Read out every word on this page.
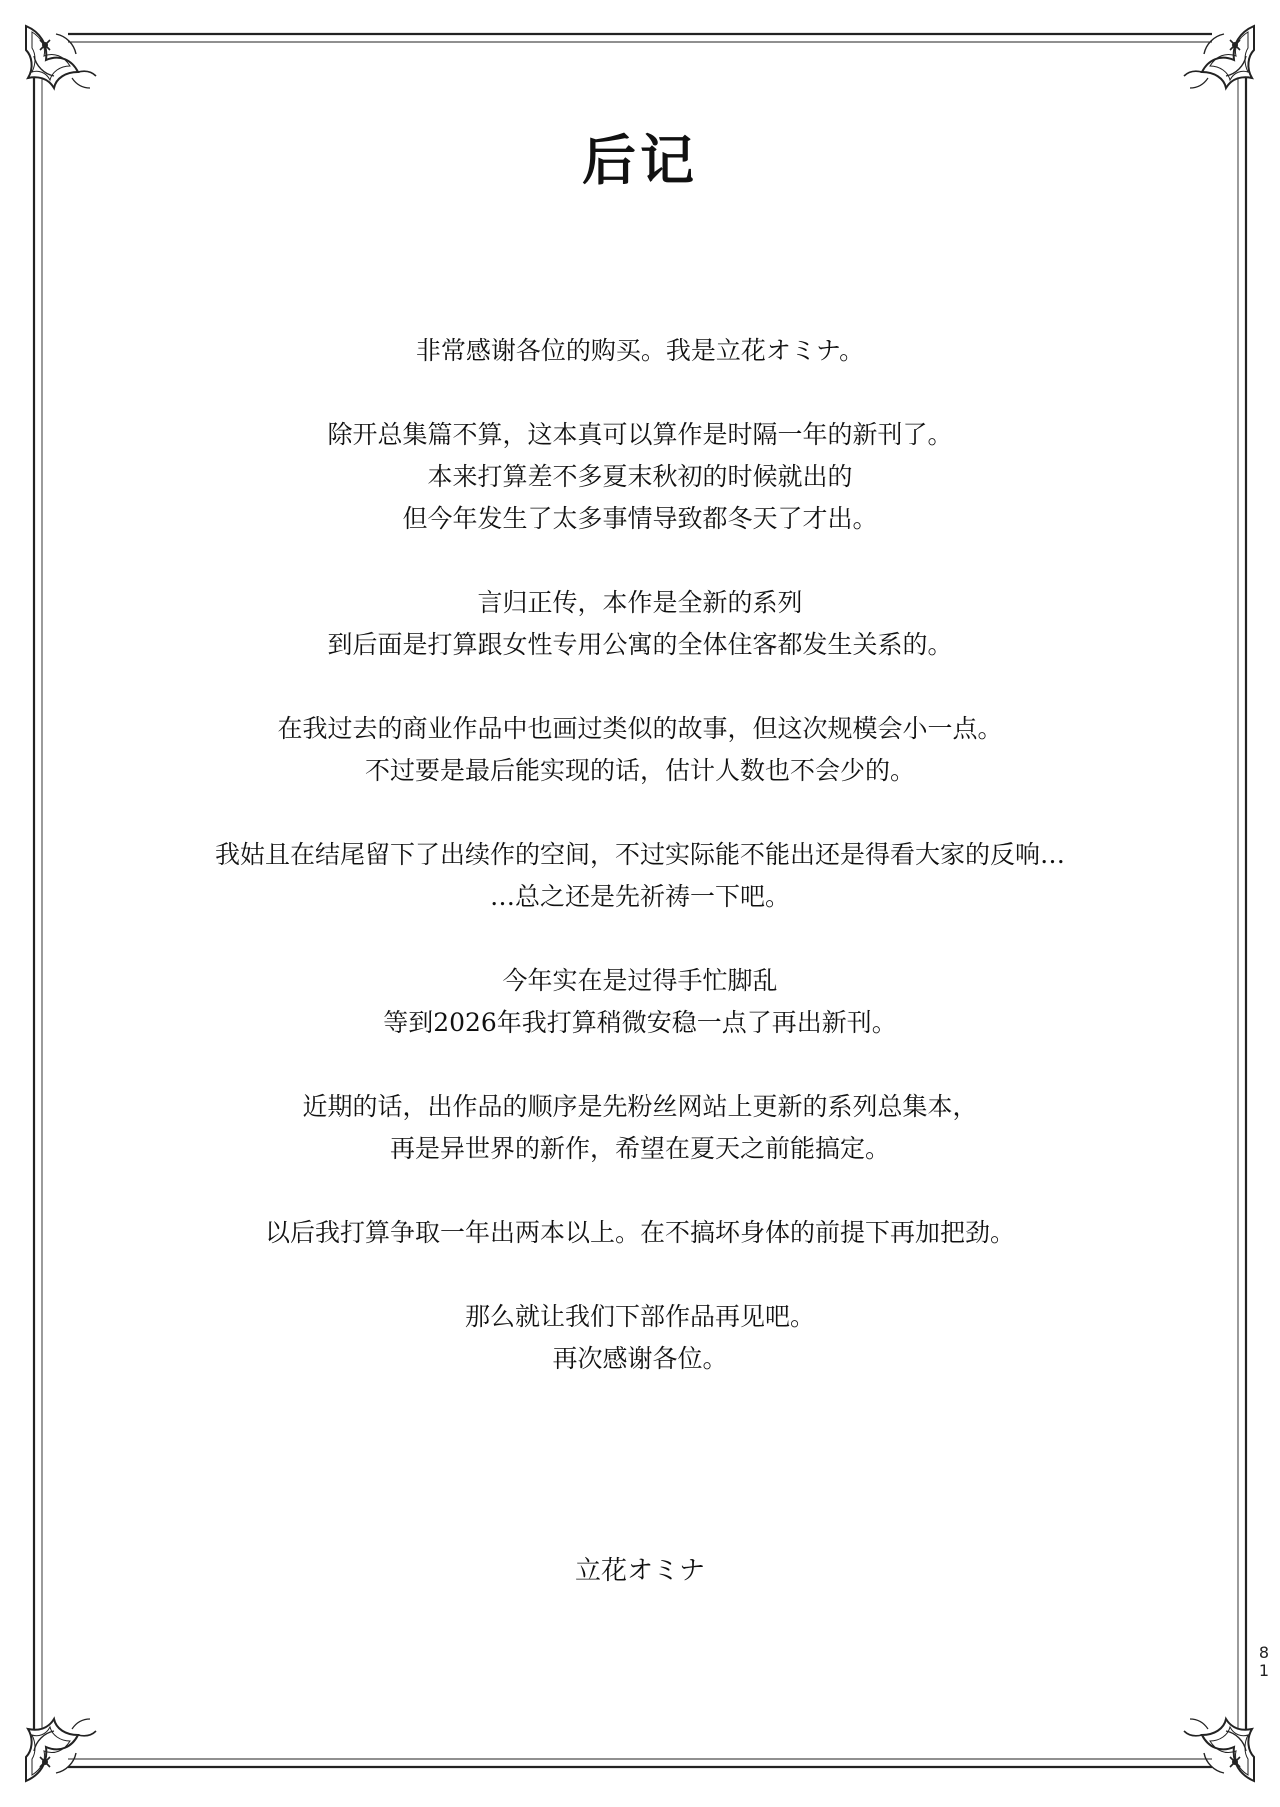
后记

非常感谢各位的购买。我是立花オミナ。

除开总集篇不算，这本真可以算作是时隔一年的新刊了。
本来打算差不多夏末秋初的时候就出的
但今年发生了太多事情导致都冬天了才出。

言归正传，本作是全新的系列
到后面是打算跟女性专用公寓的全体住客都发生关系的。

在我过去的商业作品中也画过类似的故事，但这次规模会小一点。
不过要是最后能实现的话，估计人数也不会少的。

我姑且在结尾留下了出续作的空间，不过实际能不能出还是得看大家的反响…
…总之还是先祈祷一下吧。

今年实在是过得手忙脚乱
等到2026年我打算稍微安稳一点了再出新刊。

近期的话，出作品的顺序是先粉丝网站上更新的系列总集本，
再是异世界的新作，希望在夏天之前能搞定。

以后我打算争取一年出两本以上。在不搞坏身体的前提下再加把劲。

那么就让我们下部作品再见吧。
再次感谢各位。

立花オミナ
8
1
